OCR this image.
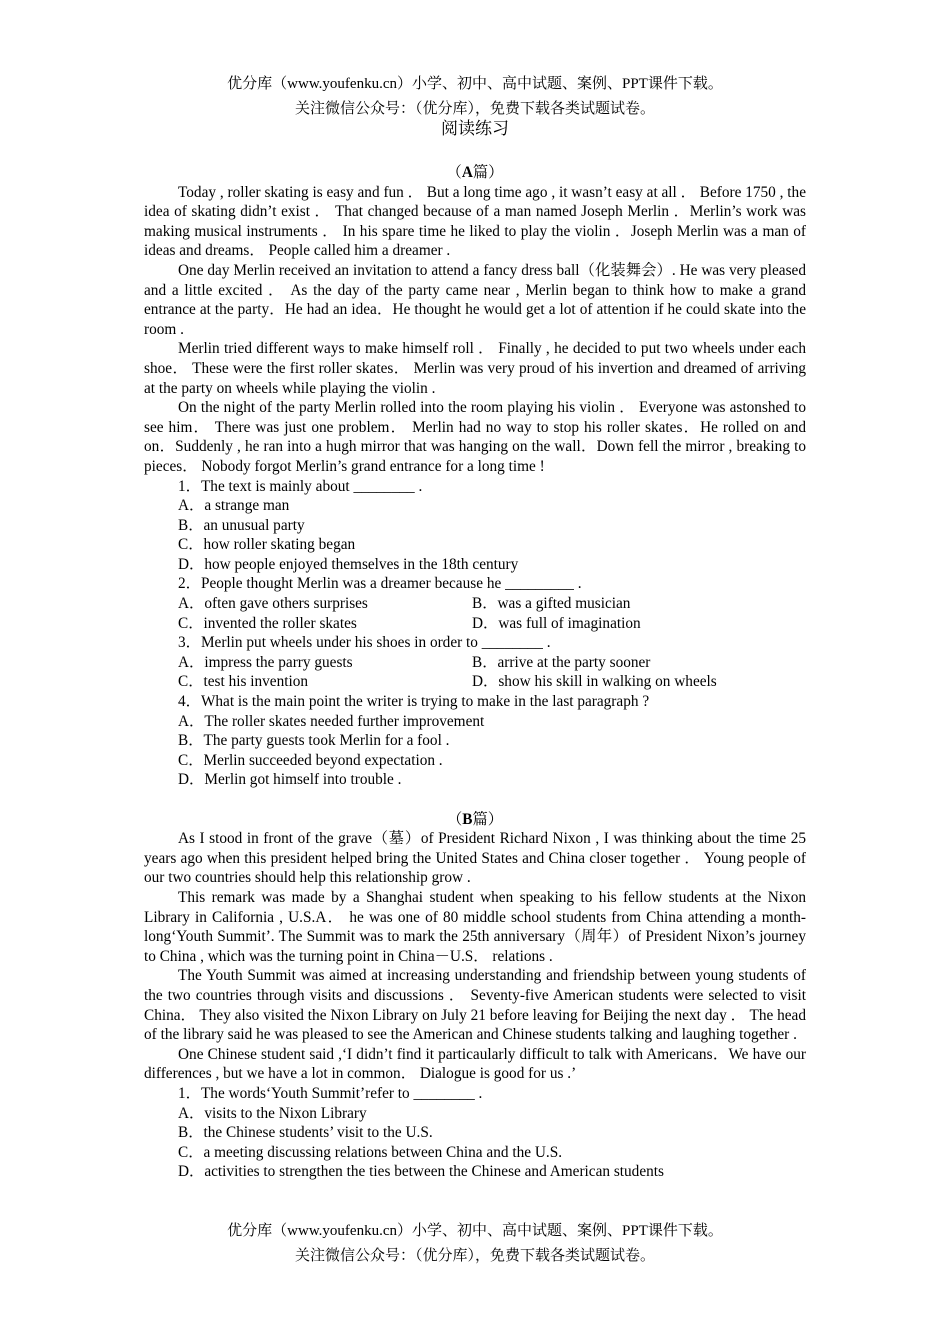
优分库（www.youfenku.cn）小学、初中、高中试题、案例、PPT课件下载。
关注微信公众号：（优分库），免费下载各类试题试卷。
阅读练习
（A篇）

Today , roller skating is easy and fun ． But a long time ago , it wasn’t easy at all ． Before 1750 , the idea of skating didn’t exist ． That changed because of a man named Joseph Merlin ．Merlin’s work was making musical instruments ． In his spare time he liked to play the violin ．Joseph Merlin was a man of ideas and dreams． People called him a dreamer .

One day Merlin received an invitation to attend a fancy dress ball（化装舞会）. He was very pleased and a little excited ． As the day of the party came near , Merlin began to think how to make a grand entrance at the party．He had an idea．He thought he would get a lot of attention if he could skate into the room .

Merlin tried different ways to make himself roll ． Finally , he decided to put two wheels under each shoe． These were the first roller skates． Merlin was very proud of his invertion and dreamed of arriving at the party on wheels while playing the violin .

On the night of the party Merlin rolled into the room playing his violin ． Everyone was astonshed to see him． There was just one problem． Merlin had no way to stop his roller skates．He rolled on and on．Suddenly , he ran into a hugh mirror that was hanging on the wall．Down fell the mirror , breaking to pieces． Nobody forgot Merlin’s grand entrance for a long time !

1．The text is mainly about ________ .
A．a strange man
B．an unusual party
C．how roller skating began
D．how people enjoyed themselves in the 18th century
2．People thought Merlin was a dreamer because he _________ .
A．often gave others surprises	B．was a gifted musician
C．invented the roller skates	D．was full of imagination
3．Merlin put wheels under his shoes in order to ________ .
A．impress the parry guests	B．arrive at the party sooner
C．test his invention	D．show his skill in walking on wheels
4．What is the main point the writer is trying to make in the last paragraph ?
A．The roller skates needed further improvement
B．The party guests took Merlin for a fool .
C．Merlin succeeded beyond expectation .
D．Merlin got himself into trouble .
（B篇）

As I stood in front of the grave（墓）of President Richard Nixon , I was thinking about the time 25 years ago when this president helped bring the United States and China closer together ． Young people of our two countries should help this relationship grow .

This remark was made by a Shanghai student when speaking to his fellow students at the Nixon Library in California , U.S.A． he was one of 80 middle school students from China attending a month-long‘Youth Summit’. The Summit was to mark the 25th anniversary（周年）of President Nixon’s journey to China , which was the turning point in China－U.S． relations .

The Youth Summit was aimed at increasing understanding and friendship between young students of the two countries through visits and discussions ． Seventy-five American students were selected to visit China． They also visited the Nixon Library on July 21 before leaving for Beijing the next day ． The head of the library said he was pleased to see the American and Chinese students talking and laughing together .

One Chinese student said ,‘I didn’t find it particaularly difficult to talk with Americans．We have our differences , but we have a lot in common． Dialogue is good for us .’

1．The words‘Youth Summit’refer to ________ .
A．visits to the Nixon Library
B．the Chinese students’ visit to the U.S.
C．a meeting discussing relations between China and the U.S.
D．activities to strengthen the ties between the Chinese and American students
优分库（www.youfenku.cn）小学、初中、高中试题、案例、PPT课件下载。
关注微信公众号：（优分库），免费下载各类试题试卷。
